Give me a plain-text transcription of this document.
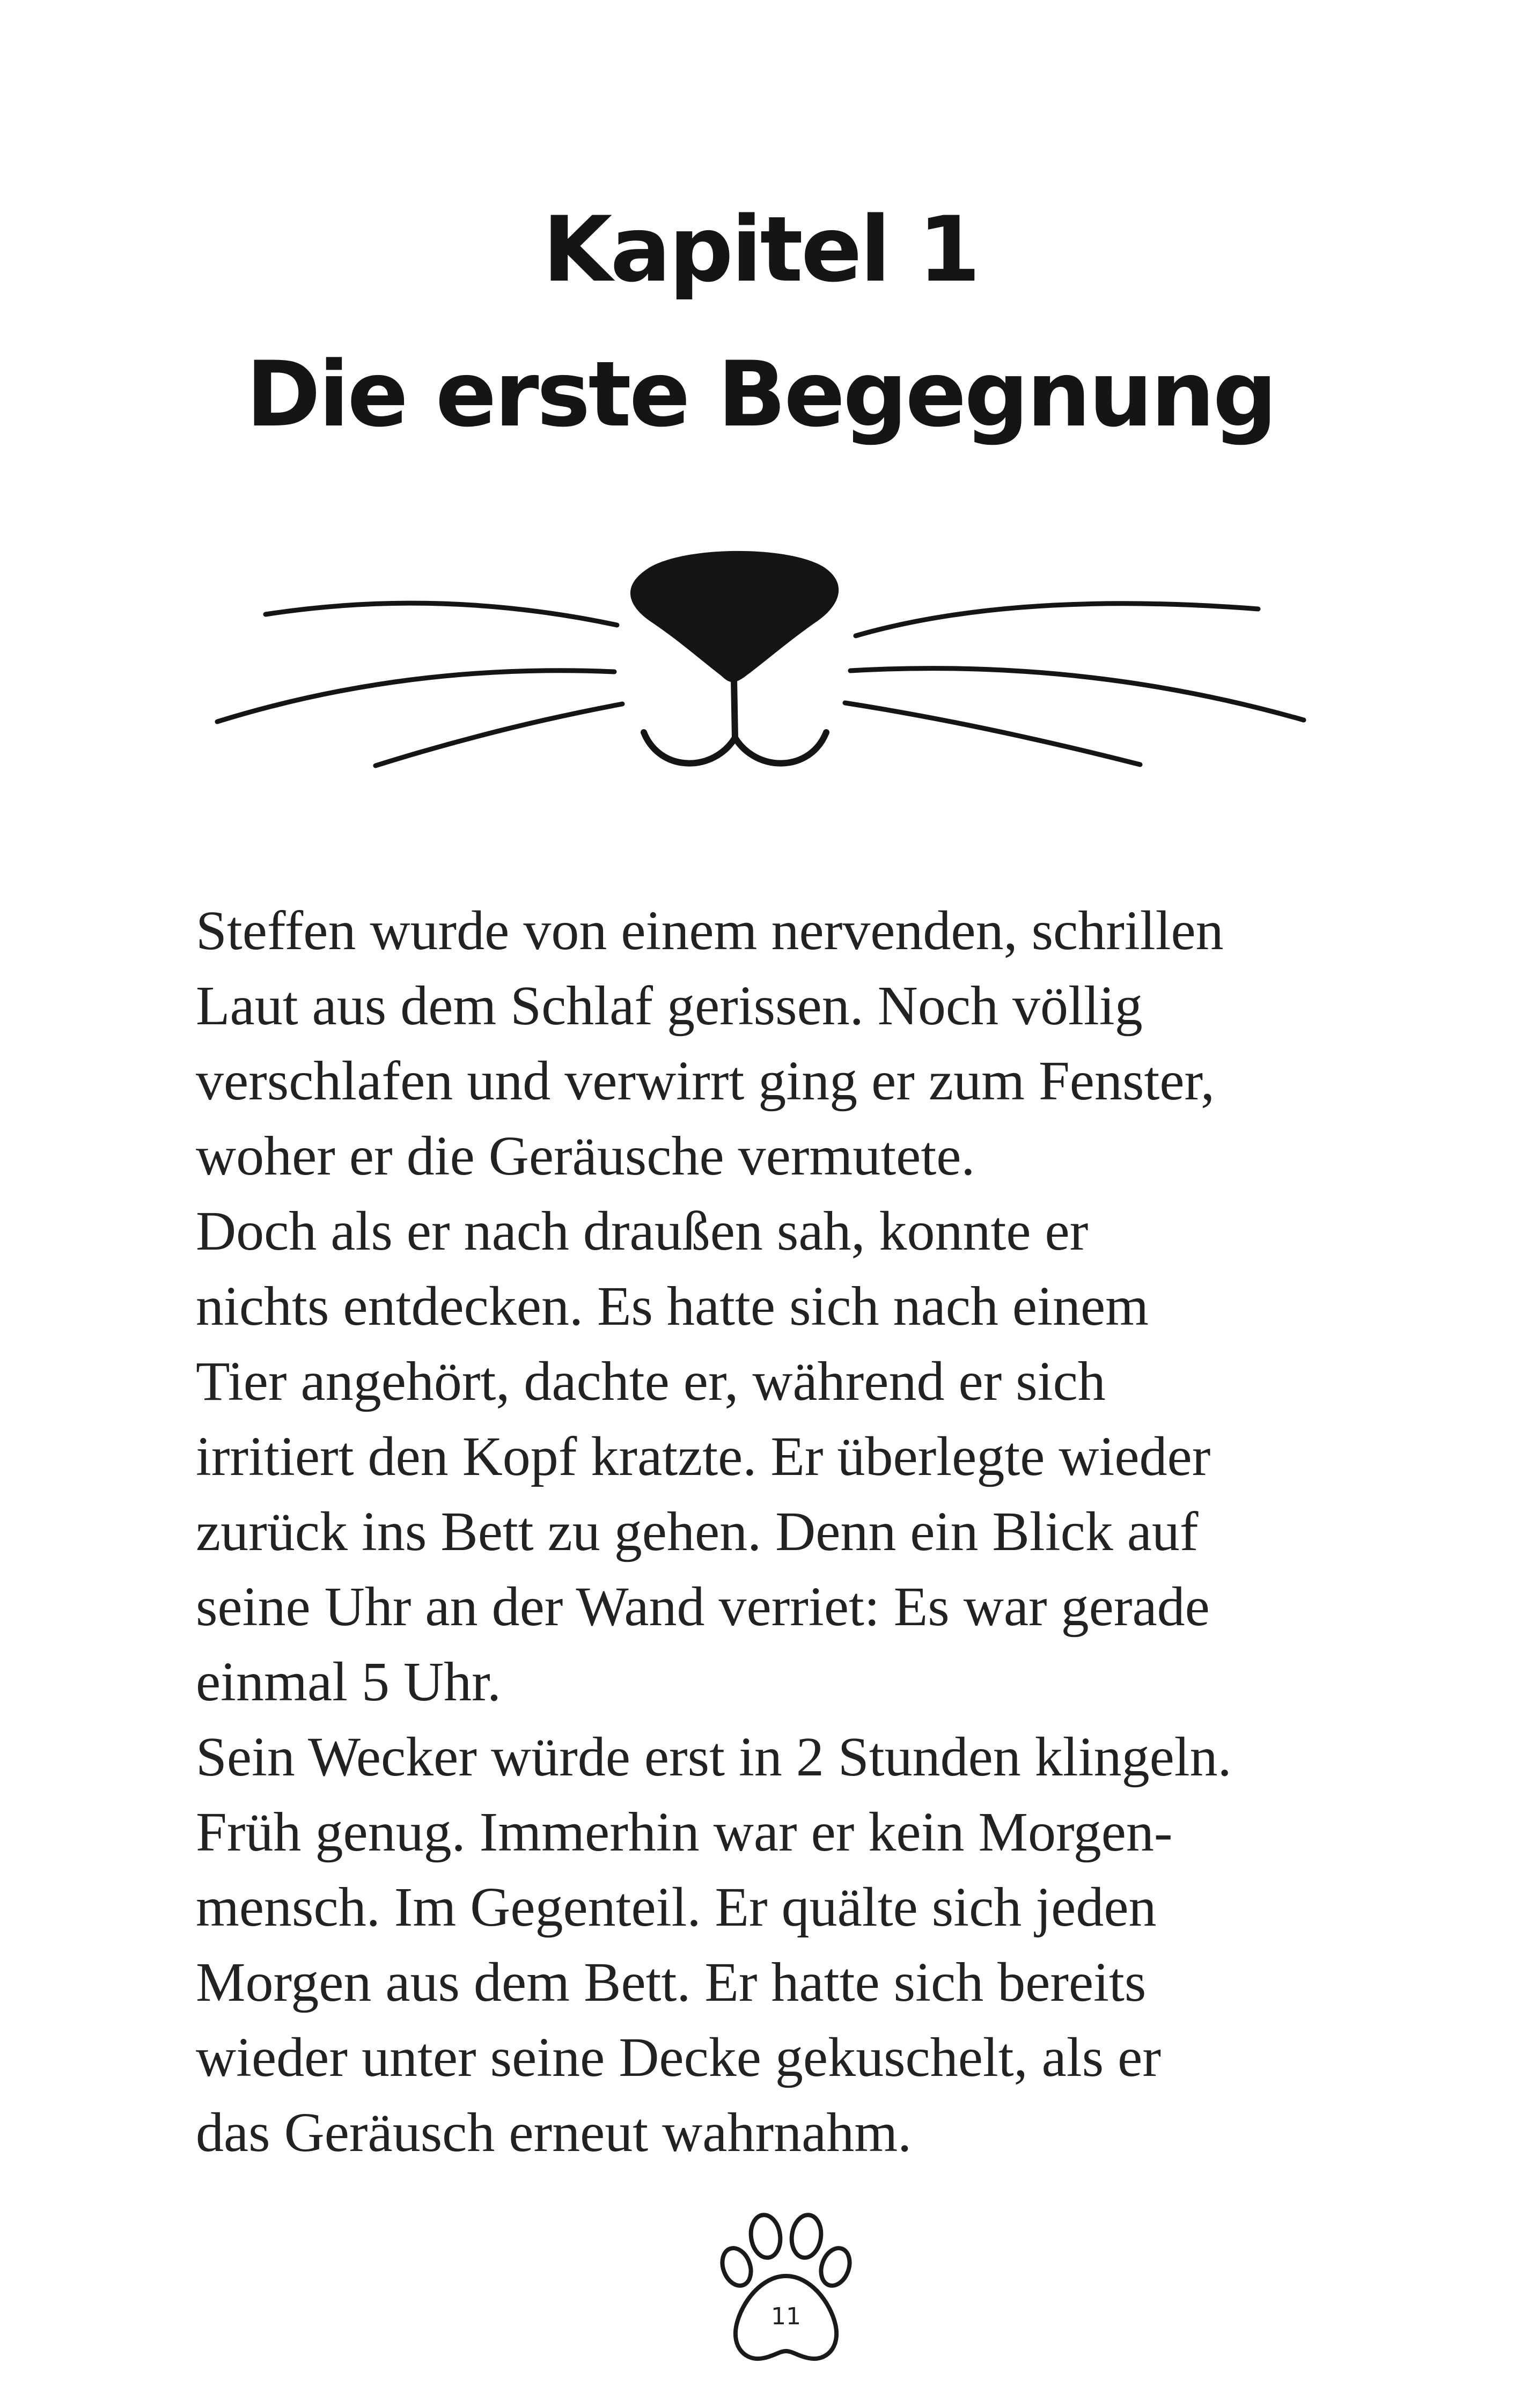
Kapitel 1
Die erste Begegnung
Steffen wurde von einem nervenden, schrillen
Laut aus dem Schlaf gerissen. Noch völlig
verschlafen und verwirrt ging er zum Fenster,
woher er die Geräusche vermutete.
Doch als er nach draußen sah, konnte er
nichts entdecken. Es hatte sich nach einem
Tier angehört, dachte er, während er sich
irritiert den Kopf kratzte. Er überlegte wieder
zurück ins Bett zu gehen. Denn ein Blick auf
seine Uhr an der Wand verriet: Es war gerade
einmal 5 Uhr.
Sein Wecker würde erst in 2 Stunden klingeln.
Früh genug. Immerhin war er kein Morgen-
mensch. Im Gegenteil. Er quälte sich jeden
Morgen aus dem Bett. Er hatte sich bereits
wieder unter seine Decke gekuschelt, als er
das Geräusch erneut wahrnahm.
11
